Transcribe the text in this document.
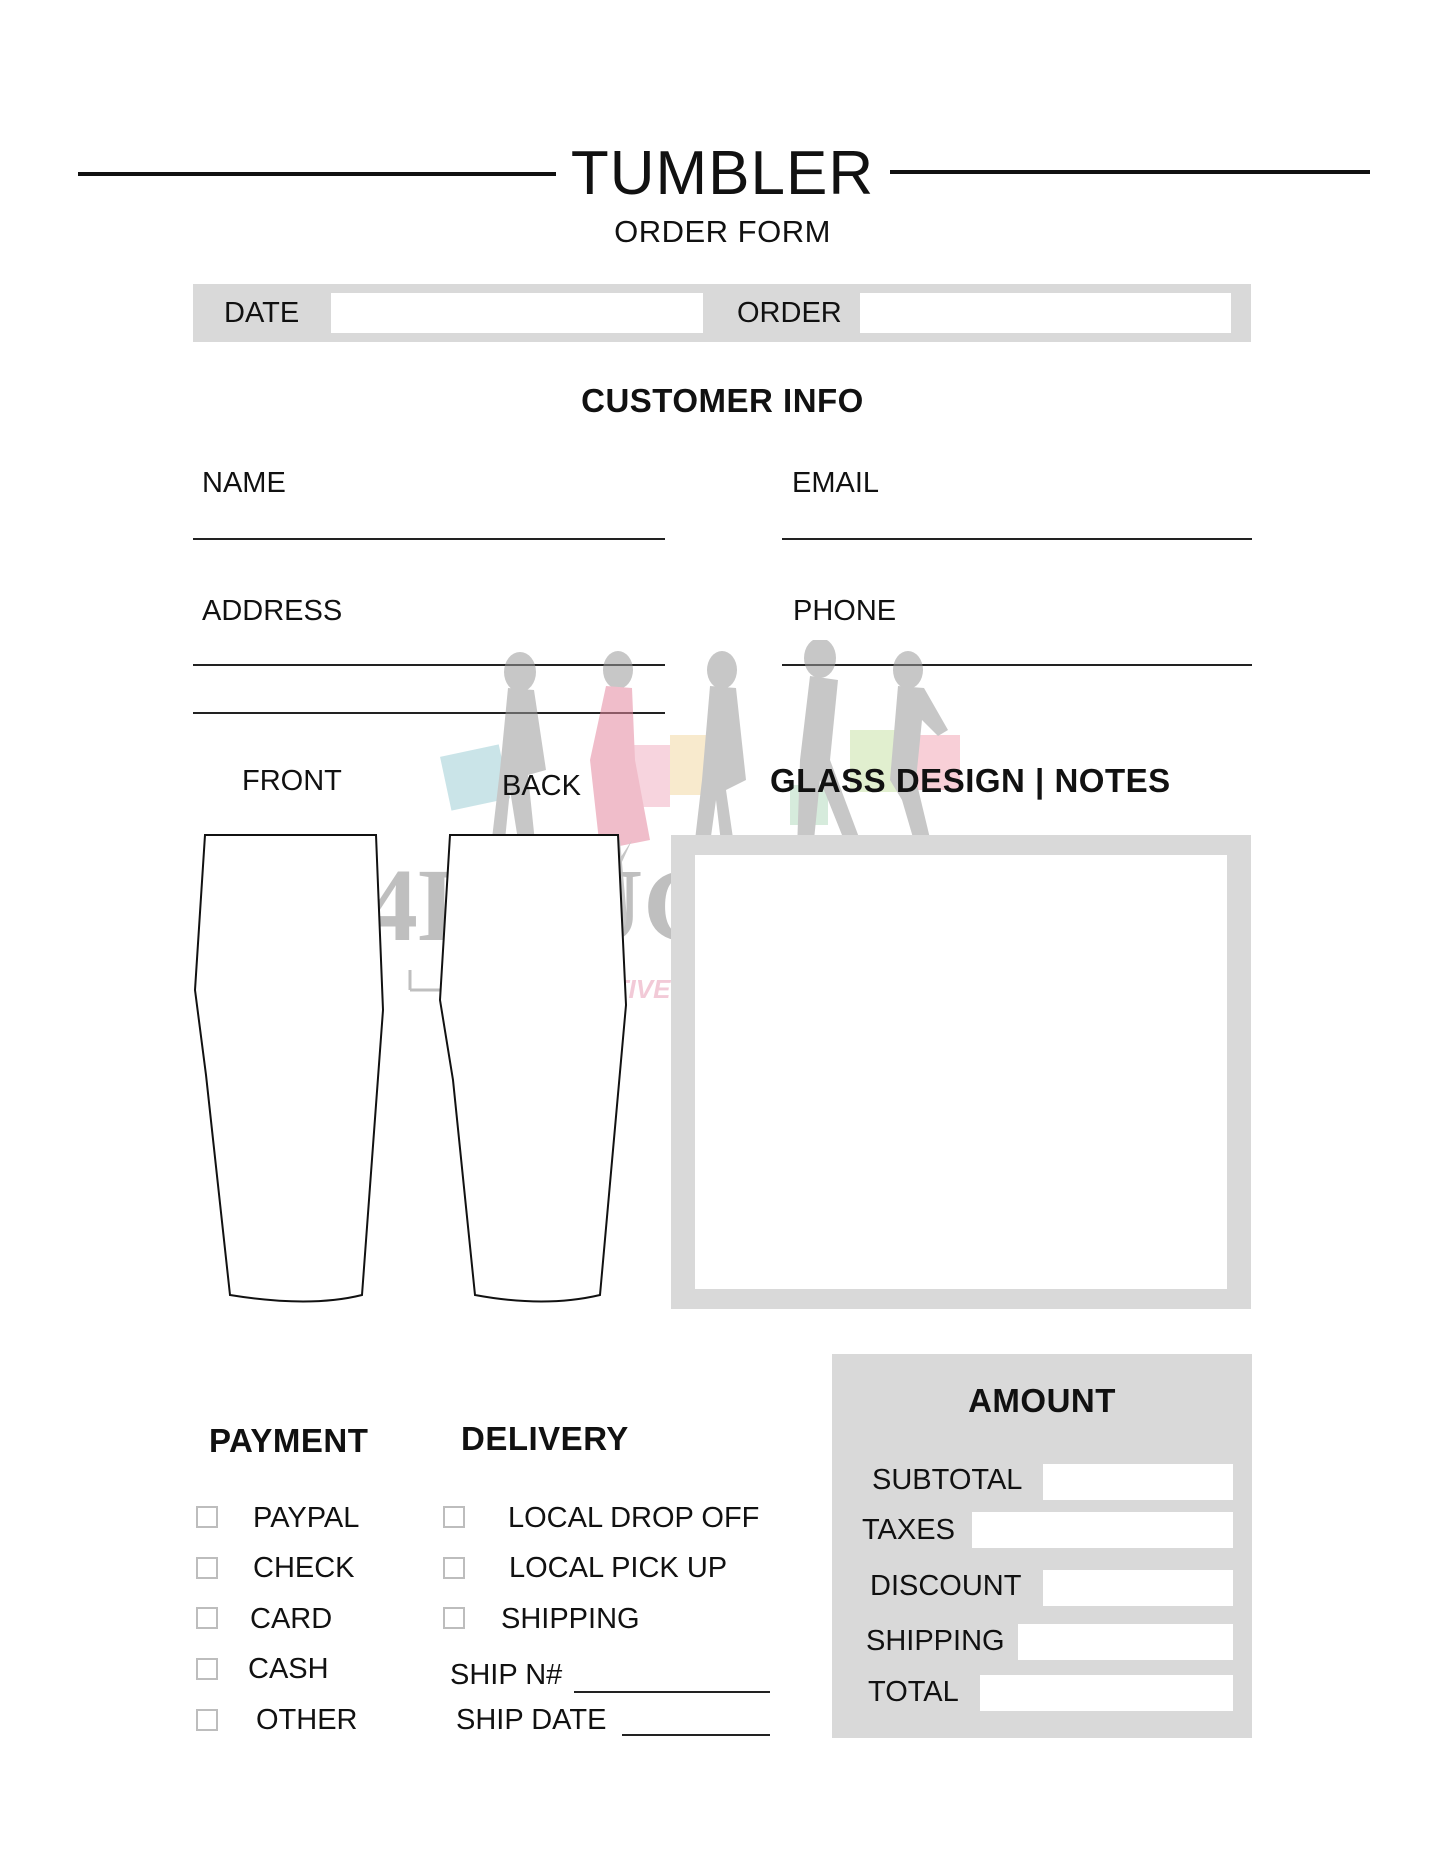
TUMBLER
ORDER FORM
DATE	ORDER
CUSTOMER INFO
NAME	EMAIL
ADDRESS	PHONE
FRONT	BACK	GLASS DESIGN | NOTES
PAYMENT
PAYPAL
CHECK
CARD
CASH
OTHER
DELIVERY
LOCAL DROP OFF
LOCAL PICK UP
SHIPPING
SHIP N#
SHIP DATE
AMOUNT
SUBTOTAL
TAXES
DISCOUNT
SHIPPING
TOTAL
